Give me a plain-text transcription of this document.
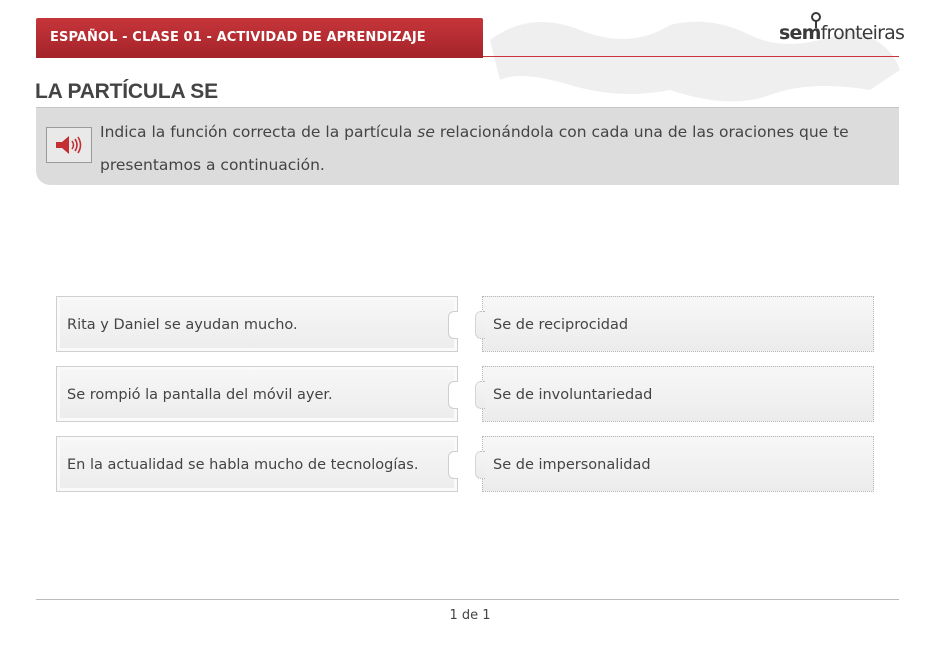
ESPAÑOL - CLASE 01 - ACTIVIDAD DE APRENDIZAJE	semfronteiras
LA PARTÍCULA SE
Indica la función correcta de la partícula se relacionándola con cada una de las oraciones que te presentamos a continuación.
Rita y Daniel se ayudan mucho.	Se de reciprocidad
Se rompió la pantalla del móvil ayer.	Se de involuntariedad
En la actualidad se habla mucho de tecnologías.	Se de impersonalidad
1 de 1
